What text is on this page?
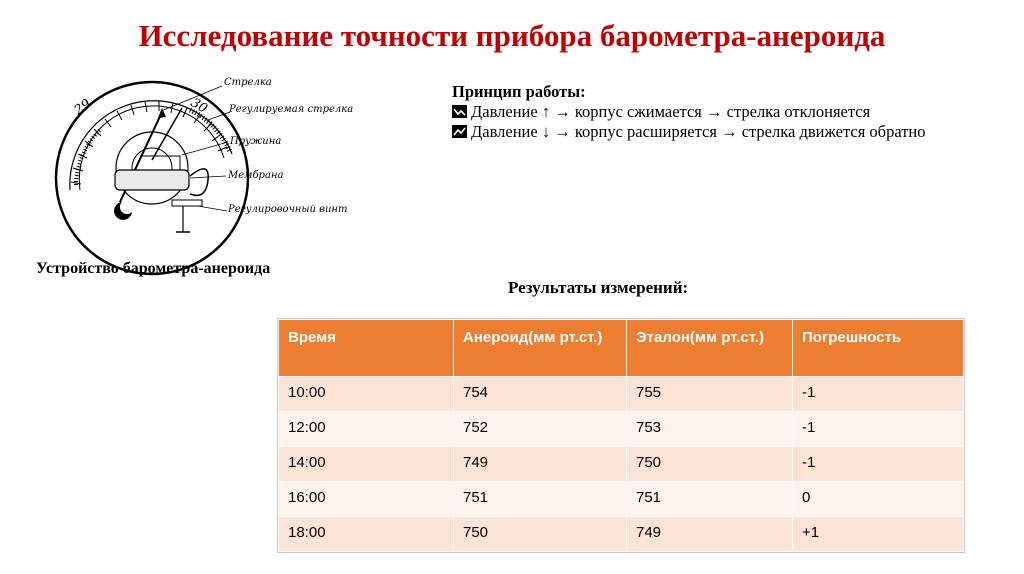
Исследование точности прибора барометра-анероида
Стрелка
Регулируемая стрелка
Пружина
Мембрана
Регулировочный винт
29	30
Устройство барометра-анероида
Принцип работы:
Давление ↑ → корпус сжимается → стрелка отклоняется
Давление ↓ → корпус расширяется → стрелка движется обратно
Результаты измерений:
Время	Анероид(мм рт.ст.)	Эталон(мм рт.ст.)	Погрешность
10:00	754	755	-1
12:00	752	753	-1
14:00	749	750	-1
16:00	751	751	0
18:00	750	749	+1
